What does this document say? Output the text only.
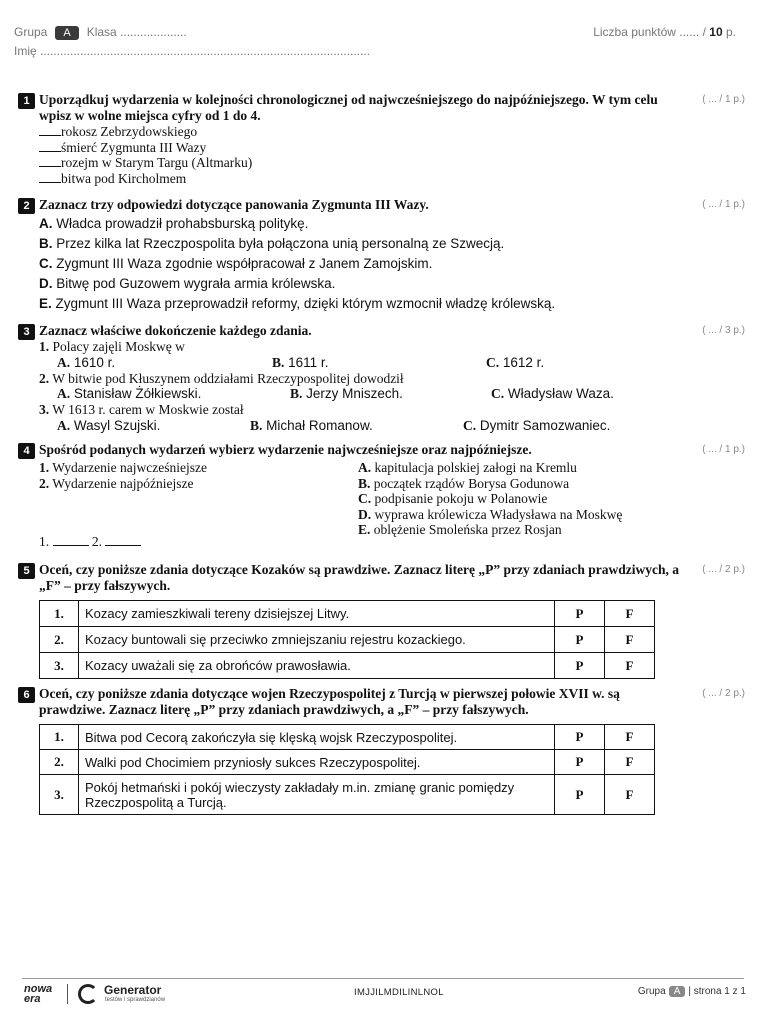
Grupa A Klasa ....................
Imię ...................................................................................................
Liczba punktów ...... / 10 p.
1 Uporządkuj wydarzenia w kolejności chronologicznej od najwcześniejszego do najpóźniejszego. W tym celu wpisz w wolne miejsca cyfry od 1 do 4.
( ... / 1 p.)
rokosz Zebrzydowskiego
śmierć Zygmunta III Wazy
rozejm w Starym Targu (Altmarku)
bitwa pod Kircholmem
2 Zaznacz trzy odpowiedzi dotyczące panowania Zygmunta III Wazy.	( ... / 1 p.)
A. Władca prowadził prohabsburską politykę.
B. Przez kilka lat Rzeczpospolita była połączona unią personalną ze Szwecją.
C. Zygmunt III Waza zgodnie współpracował z Janem Zamojskim.
D. Bitwę pod Guzowem wygrała armia królewska.
E. Zygmunt III Waza przeprowadził reformy, dzięki którym wzmocnił władzę królewską.
3 Zaznacz właściwe dokończenie każdego zdania.	( ... / 3 p.)
1. Polacy zajęli Moskwę w
A. 1610 r.	B. 1611 r.	C. 1612 r.
2. W bitwie pod Kłuszynem oddziałami Rzeczypospolitej dowodził
A. Stanisław Żółkiewski.	B. Jerzy Mniszech.	C. Władysław Waza.
3. W 1613 r. carem w Moskwie został
A. Wasyl Szujski.	B. Michał Romanow.	C. Dymitr Samozwaniec.
4 Spośród podanych wydarzeń wybierz wydarzenie najwcześniejsze oraz najpóźniejsze.	( ... / 1 p.)
1. Wydarzenie najwcześniejsze
2. Wydarzenie najpóźniejsze
A. kapitulacja polskiej załogi na Kremlu
B. początek rządów Borysa Godunowa
C. podpisanie pokoju w Polanowie
D. wyprawa królewicza Władysława na Moskwę
E. oblężenie Smoleńska przez Rosjan
1.	2.
5 Oceń, czy poniższe zdania dotyczące Kozaków są prawdziwe. Zaznacz literę „P” przy zdaniach prawdziwych, a „F” – przy fałszywych.
( ... / 2 p.)
1.	Kozacy zamieszkiwali tereny dzisiejszej Litwy.	P	F
2.	Kozacy buntowali się przeciwko zmniejszaniu rejestru kozackiego.	P	F
3.	Kozacy uważali się za obrońców prawosławia.	P	F
6 Oceń, czy poniższe zdania dotyczące wojen Rzeczypospolitej z Turcją w pierwszej połowie XVII w. są prawdziwe. Zaznacz literę „P” przy zdaniach prawdziwych, a „F” – przy fałszywych.
( ... / 2 p.)
1.	Bitwa pod Cecorą zakończyła się klęską wojsk Rzeczypospolitej.	P	F
2.	Walki pod Chocimiem przyniosły sukces Rzeczypospolitej.	P	F
3.	Pokój hetmański i pokój wieczysty zakładały m.in. zmianę granic pomiędzy Rzeczpospolitą a Turcją.	P	F
nowa
era
Generator
testów i sprawdzianów
IMJJILMDILINLNOL	Grupa A | strona 1 z 1
